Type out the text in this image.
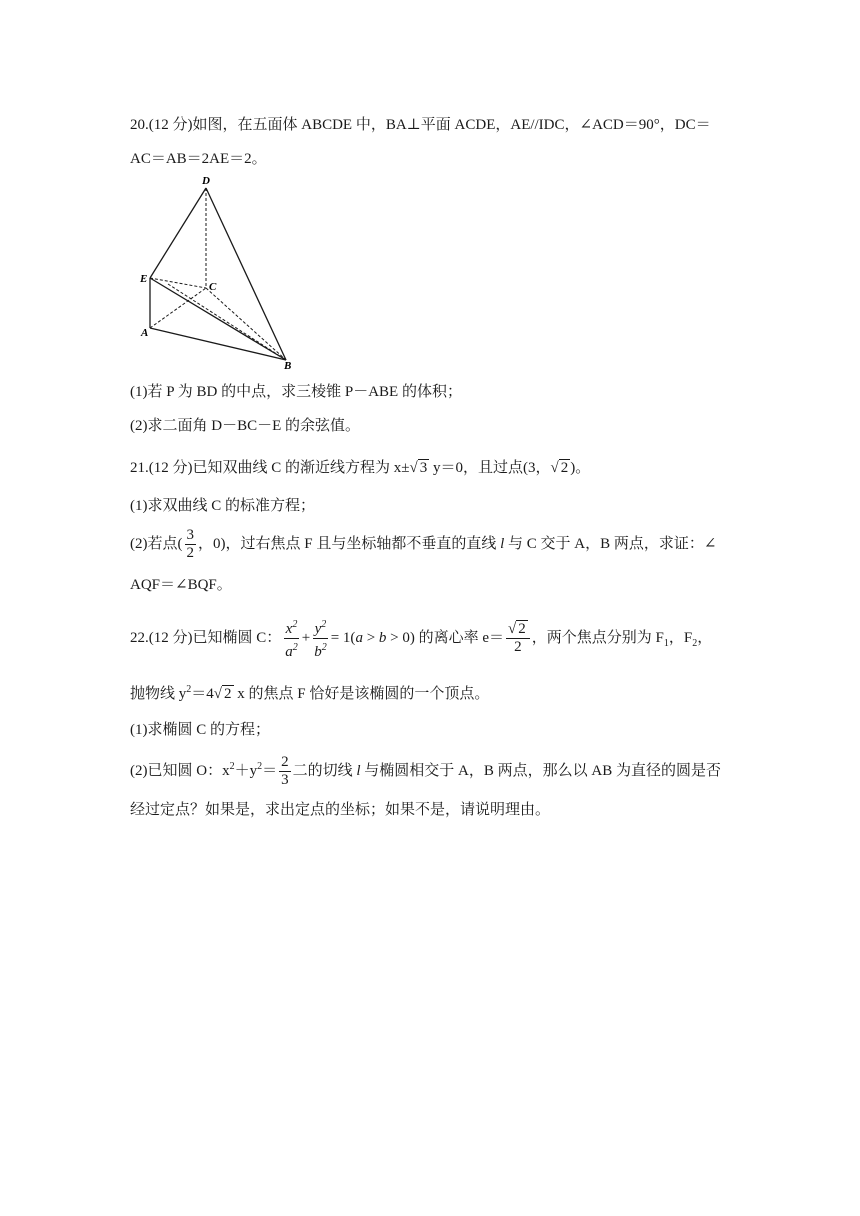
20.(12 分)如图，在五面体 ABCDE 中，BA⊥平面 ACDE，AE//IDC，∠ACD＝90°，DC＝
AC＝AB＝2AE＝2。
D
E
C
A
B
(1)若 P 为 BD 的中点，求三棱锥 P－ABE 的体积；
(2)求二面角 D－BC－E 的余弦值。
21.(12 分)已知双曲线 C 的渐近线方程为 x±√ 3 y＝0，且过点(3，√ 2 )。
(1)求双曲线 C 的标准方程；
(2)若点( $\frac{3}{2}$ ，0)，过右焦点 F 且与坐标轴都不垂直的直线 l 与 C 交于 A，B 两点，求证：∠
AQF＝∠BQF。
22.(12 分)已知椭圆 C： $\frac{x^2}{a^2} + \frac{y^2}{b^2} = 1(a > b > 0)$ 的离心率 $e= \frac{√ 2}{2}$ ，两个焦点分别为 $F_1$，$F_2$，
抛物线 $y^2=4√$ 2 x 的焦点 F 恰好是该椭圆的一个顶点。
(1)求椭圆 C 的方程；
(2)已知圆 O：$x^2+y^2= \frac{2}{3}$ 二的切线 l 与椭圆相交于 A，B 两点，那么以 AB 为直径的圆是否
经过定点？如果是，求出定点的坐标；如果不是，请说明理由。
